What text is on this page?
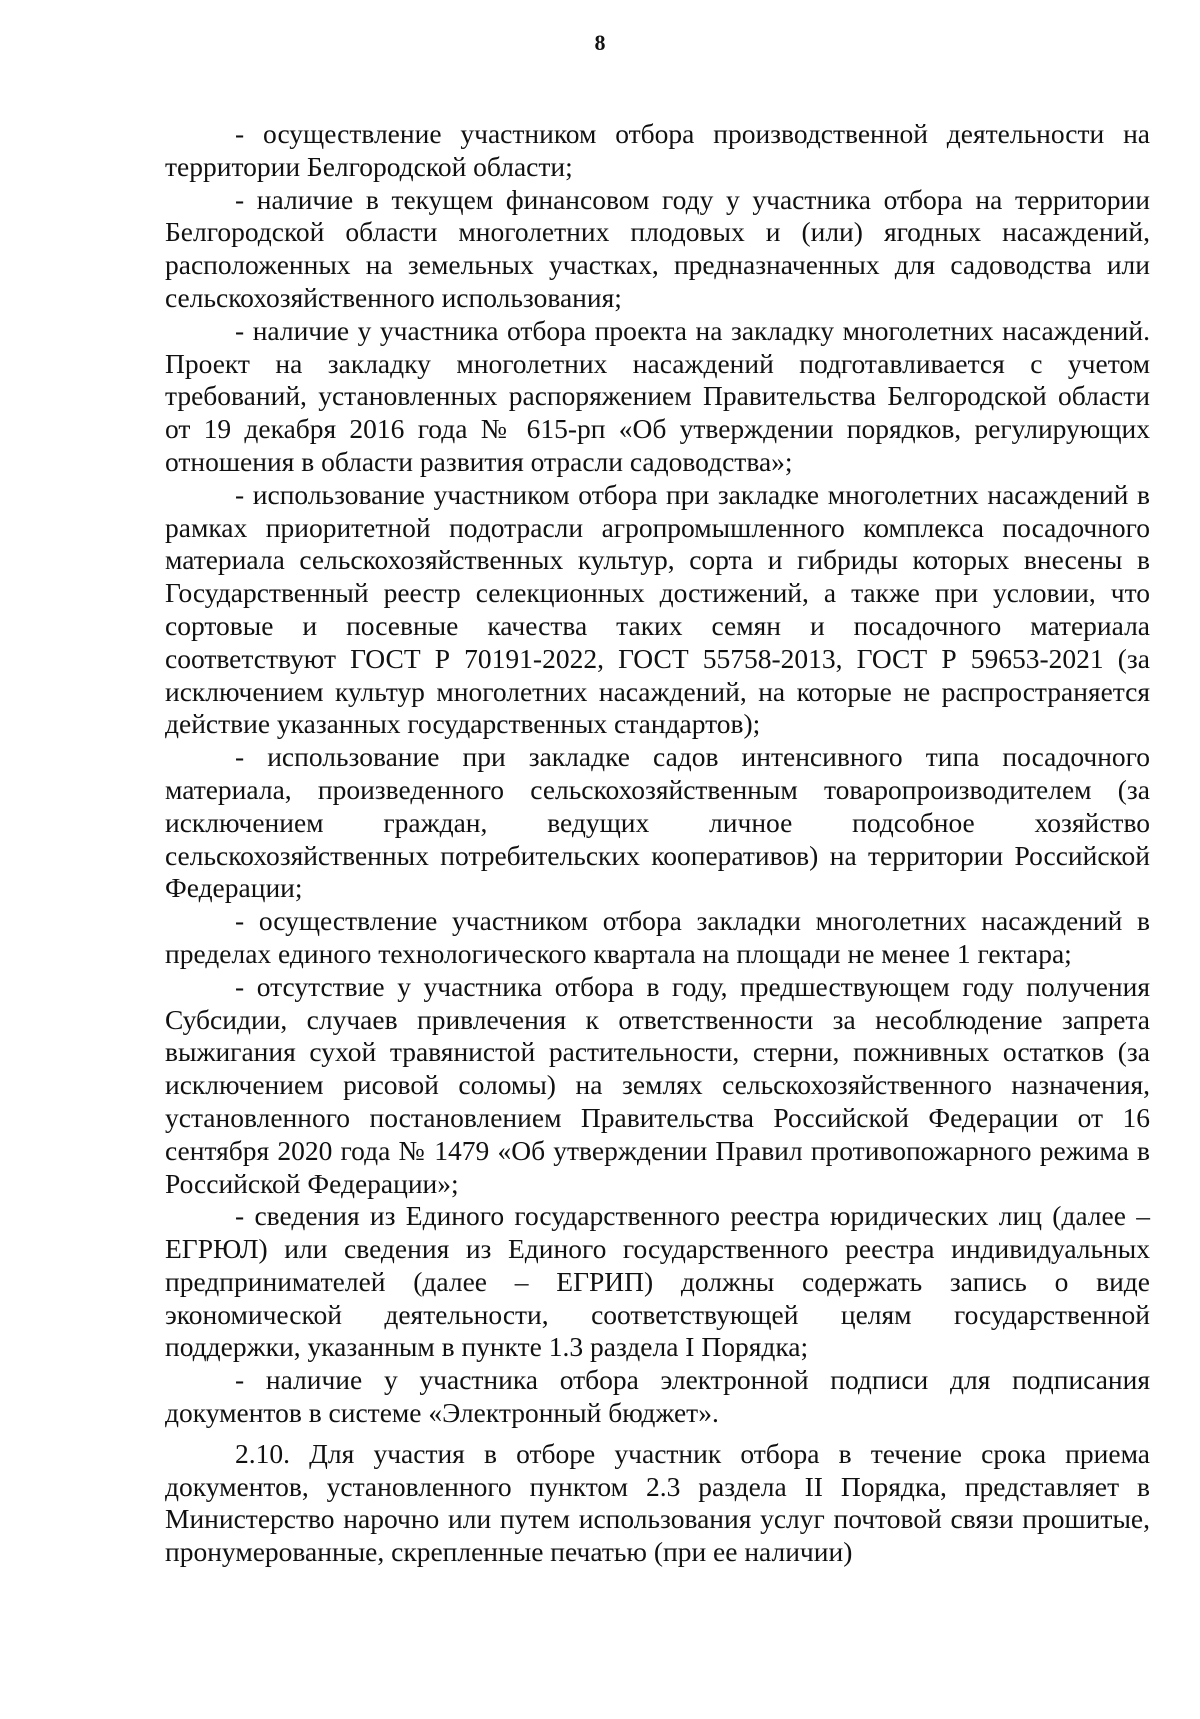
8

- осуществление участником отбора производственной деятельности на территории Белгородской области;

- наличие в текущем финансовом году у участника отбора на территории Белгородской области многолетних плодовых и (или) ягодных насаждений, расположенных на земельных участках, предназначенных для садоводства или сельскохозяйственного использования;

- наличие у участника отбора проекта на закладку многолетних насаждений. Проект на закладку многолетних насаждений подготавливается с учетом требований, установленных распоряжением Правительства Белгородской области от 19 декабря 2016 года № 615-рп «Об утверждении порядков, регулирующих отношения в области развития отрасли садоводства»;

- использование участником отбора при закладке многолетних насаждений в рамках приоритетной подотрасли агропромышленного комплекса посадочного материала сельскохозяйственных культур, сорта и гибриды которых внесены в Государственный реестр селекционных достижений, а также при условии, что сортовые и посевные качества таких семян и посадочного материала соответствуют ГОСТ Р 70191-2022, ГОСТ 55758-2013, ГОСТ Р 59653-2021 (за исключением культур многолетних насаждений, на которые не распространяется действие указанных государственных стандартов);

- использование при закладке садов интенсивного типа посадочного материала, произведенного сельскохозяйственным товаропроизводителем (за исключением граждан, ведущих личное подсобное хозяйство сельскохозяйственных потребительских кооперативов) на территории Российской Федерации;

- осуществление участником отбора закладки многолетних насаждений в пределах единого технологического квартала на площади не менее 1 гектара;

- отсутствие у участника отбора в году, предшествующем году получения Субсидии, случаев привлечения к ответственности за несоблюдение запрета выжигания сухой травянистой растительности, стерни, пожнивных остатков (за исключением рисовой соломы) на землях сельскохозяйственного назначения, установленного постановлением Правительства Российской Федерации от 16 сентября 2020 года № 1479 «Об утверждении Правил противопожарного режима в Российской Федерации»;

- сведения из Единого государственного реестра юридических лиц (далее – ЕГРЮЛ) или сведения из Единого государственного реестра индивидуальных предпринимателей (далее – ЕГРИП) должны содержать запись о виде экономической деятельности, соответствующей целям государственной поддержки, указанным в пункте 1.3 раздела I Порядка;

- наличие у участника отбора электронной подписи для подписания документов в системе «Электронный бюджет».

2.10. Для участия в отборе участник отбора в течение срока приема документов, установленного пунктом 2.3 раздела II Порядка, представляет в Министерство нарочно или путем использования услуг почтовой связи прошитые, пронумерованные, скрепленные печатью (при ее наличии)
